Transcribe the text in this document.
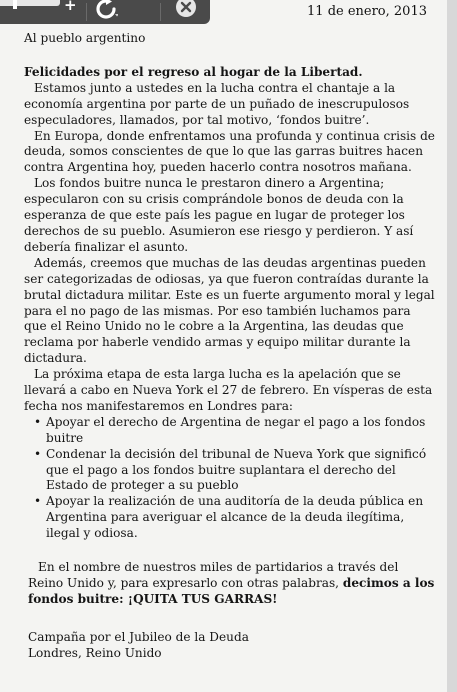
+	11 de enero, 2013

Al pueblo argentino

Felicidades por el regreso al hogar de la Libertad.

Estamos junto a ustedes en la lucha contra el chantaje a la economía argentina por parte de un puñado de inescrupulosos especuladores, llamados, por tal motivo, ‘fondos buitre’.

En Europa, donde enfrentamos una profunda y continua crisis de deuda, somos conscientes de que lo que las garras buitres hacen contra Argentina hoy, pueden hacerlo contra nosotros mañana.

Los fondos buitre nunca le prestaron dinero a Argentina; especularon con su crisis comprándole bonos de deuda con la esperanza de que este país les pague en lugar de proteger los derechos de su pueblo. Asumieron ese riesgo y perdieron. Y así debería finalizar el asunto.

Además, creemos que muchas de las deudas argentinas pueden ser categorizadas de odiosas, ya que fueron contraídas durante la brutal dictadura militar. Este es un fuerte argumento moral y legal para el no pago de las mismas. Por eso también luchamos para que el Reino Unido no le cobre a la Argentina, las deudas que reclama por haberle vendido armas y equipo militar durante la dictadura.

La próxima etapa de esta larga lucha es la apelación que se llevará a cabo en Nueva York el 27 de febrero. En vísperas de esta fecha nos manifestaremos en Londres para:

• Apoyar el derecho de Argentina de negar el pago a los fondos buitre
• Condenar la decisión del tribunal de Nueva York que significó que el pago a los fondos buitre suplantara el derecho del Estado de proteger a su pueblo
• Apoyar la realización de una auditoría de la deuda pública en Argentina para averiguar el alcance de la deuda ilegítima, ilegal y odiosa.

En el nombre de nuestros miles de partidarios a través del Reino Unido y, para expresarlo con otras palabras, decimos a los fondos buitre: ¡QUITA TUS GARRAS!

Campaña por el Jubileo de la Deuda
Londres, Reino Unido
